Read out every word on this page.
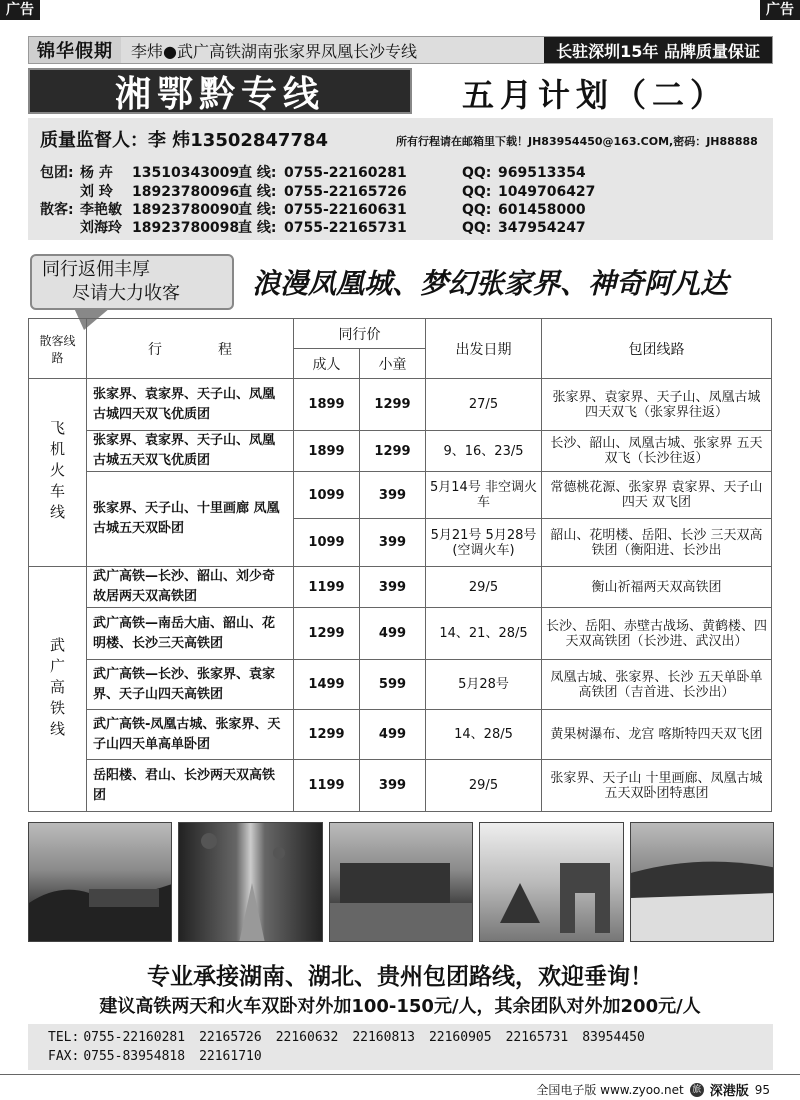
广告	广告
锦华假期	李炜●武广高铁湖南张家界凤凰长沙专线	长驻深圳15年 品牌质量保证
湘鄂黔专线	五月计划（二）
质量监督人：李 炜13502847784	所有行程请在邮箱里下载！JH83954450@163.COM,密码：JH88888
包团: 杨 卉 13510343009直 线: 0755-22160281	QQ: 969513354
刘 玲 18923780096直 线: 0755-22165726	QQ: 1049706427
散客: 李艳敏 18923780090直 线: 0755-22160631	QQ: 601458000
刘海玲 18923780098直 线: 0755-22165731	QQ: 347954247
同行返佣丰厚
尽请大力收客	浪漫凤凰城、梦幻张家界、神奇阿凡达
散客线路	行　　　　程	同行价		出发日期	包团线路
		成人	小童		

飞机火车线	张家界、袁家界、天子山、凤凰古城四天双飞优质团	1899	1299	27/5	张家界、袁家界、天子山、凤凰古城 四天双飞（张家界往返）
	张家界、袁家界、天子山、凤凰古城五天双飞优质团	1899	1299	9、16、23/5	长沙、韶山、凤凰古城、张家界 五天双飞（长沙往返）
	张家界、天子山、十里画廊 凤凰古城五天双卧团	1099	399	5月14号 非空调火车	常德桃花源、张家界 袁家界、天子山四天 双飞团
		1099	399	5月21号 5月28号 (空调火车)	韶山、花明楼、岳阳、长沙 三天双高铁团（衡阳进、长沙出

武广高铁线	武广高铁—长沙、韶山、刘少奇故居两天双高铁团	1199	399	29/5	衡山祈福两天双高铁团
	武广高铁—南岳大庙、韶山、花明楼、长沙三天高铁团	1299	499	14、21、28/5	长沙、岳阳、赤壁古战场、黄鹤楼、四天双高铁团（长沙进、武汉出）
	武广高铁—长沙、张家界、袁家界、天子山四天高铁团	1499	599	5月28号	凤凰古城、张家界、长沙 五天单卧单高铁团（吉首进、长沙出）
	武广高铁-凤凰古城、张家界、天子山四天单高单卧团	1299	499	14、28/5	黄果树瀑布、龙宫 喀斯特四天双飞团
	岳阳楼、君山、长沙两天双高铁团	1199	399	29/5	张家界、天子山 十里画廊、凤凰古城 五天双卧团特惠团
专业承接湖南、湖北、贵州包团路线，欢迎垂询！
建议高铁两天和火车双卧对外加100-150元/人，其余团队对外加200元/人
TEL: 0755-22160281 22165726 22160632 22160813 22160905 22165731 83954450
FAX: 0755-83954818 22161710
全国电子版 www.zyoo.net 旅 深港版 95
